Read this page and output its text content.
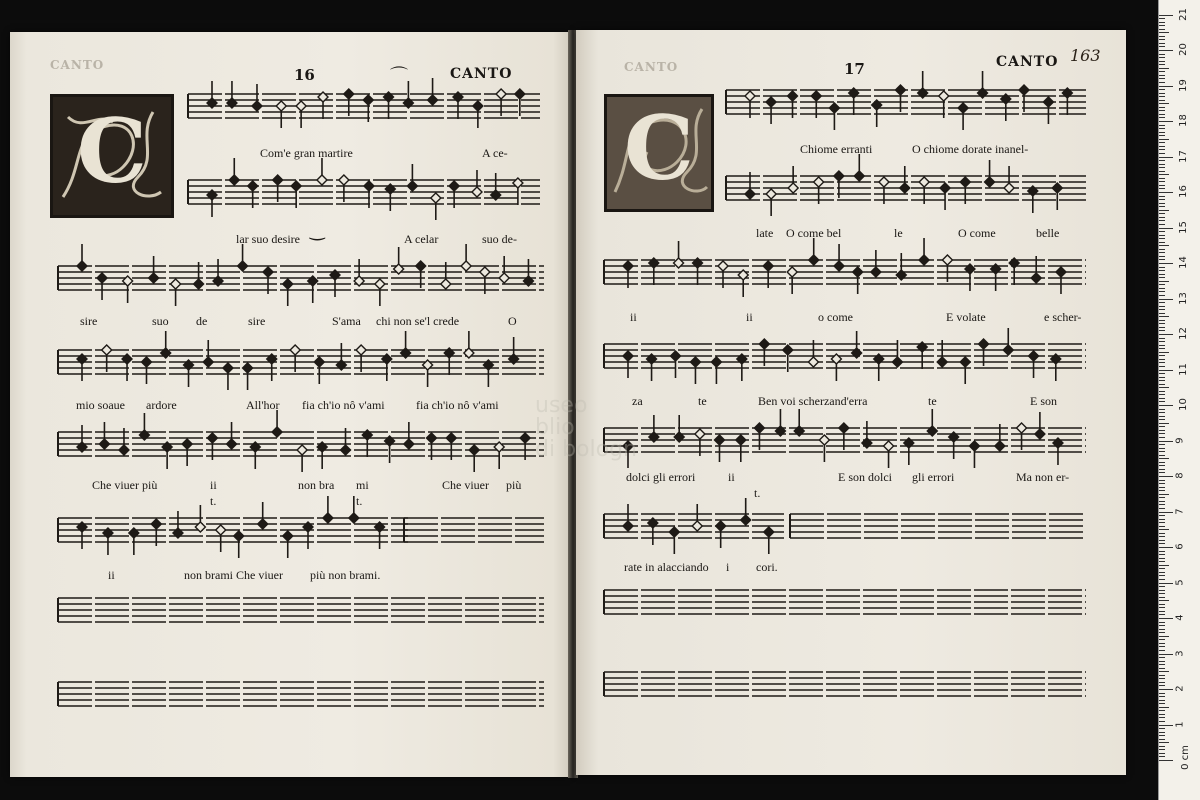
CANTO
16	⌒	CANTO
C	Com'e gran martire	A ce-
lar suo desire ‿	A celar	suo de-
sire	suo de	sire	S'ama chi non se'l crede	O
mio soaue ardore	All'hor fia ch'io nô v'ami	fia ch'io nô v'ami
Che viuer più	ii	non bra mi	Che viuer più
t.	t.
ii	non brami Che viuer più non brami.
CANTO	17	CANTO 163
C	Chiome erranti	O chiome dorate inanel-
late O come bel	le	O come	belle
ii	ii	o come	E volate	e scher-
za	te	Ben voi scherzand'erra	te	E son
dolci gli errori	ii	E son dolci gli errori	Ma non er-
t.
rate in alacciando i cori.
useo
blio
di bologn
0 cm
1
2
3
4
5
6
7
8
9
10
11
12
13
14
15
16
17
18
19
20
21
